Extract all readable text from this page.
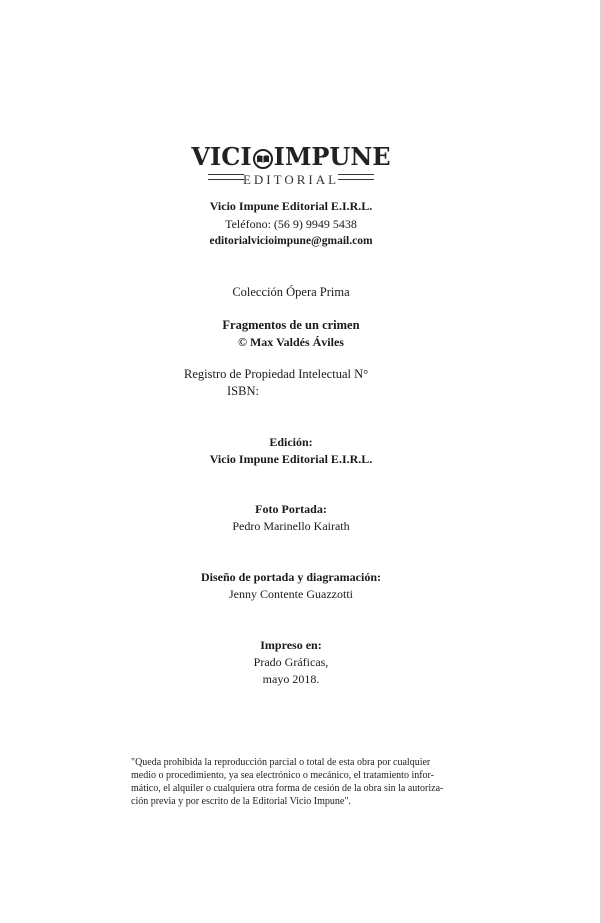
VICI IMPUNE
EDITORIAL
Vicio Impune Editorial E.I.R.L.
Teléfono: (56 9) 9949 5438
editorialvicioimpune@gmail.com
Colección Ópera Prima
Fragmentos de un crimen
© Max Valdés Áviles
Registro de Propiedad Intelectual N°
ISBN:
Edición:
Vicio Impune Editorial E.I.R.L.
Foto Portada:
Pedro Marinello Kairath
Diseño de portada y diagramación:
Jenny Contente Guazzotti
Impreso en:
Prado Gráficas,
mayo 2018.
"Queda prohibida la reproducción parcial o total de esta obra por cualquier
medio o procedimiento, ya sea electrónico o mecánico, el tratamiento infor-
mático, el alquiler o cualquiera otra forma de cesión de la obra sin la autoriza-
ción previa y por escrito de la Editorial Vicio Impune".
